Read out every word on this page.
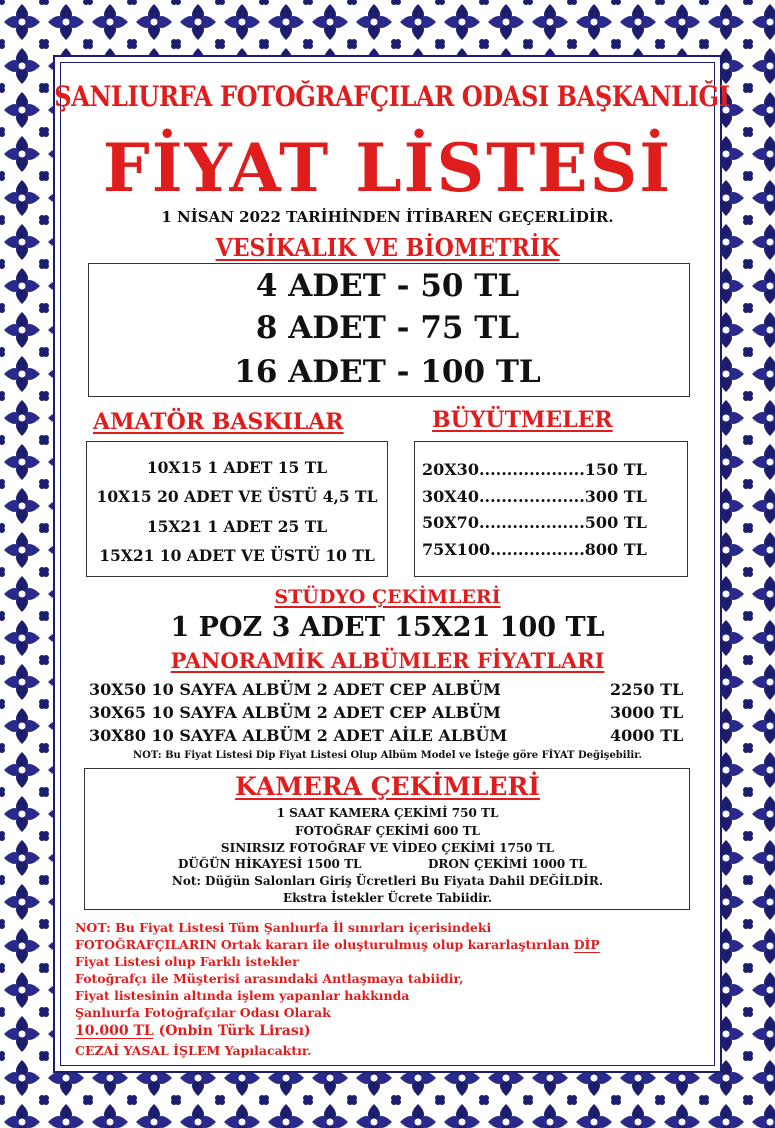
ŞANLIURFA FOTOĞRAFÇILAR ODASI BAŞKANLIĞI
FİYAT LİSTESİ
1 NİSAN 2022 TARİHİNDEN İTİBAREN GEÇERLİDİR.
VESİKALIK VE BİOMETRİK
4 ADET - 50 TL
8 ADET - 75 TL
16 ADET - 100 TL
AMATÖR BASKILAR
10X15 1 ADET 15 TL
10X15 20 ADET VE ÜSTÜ 4,5 TL
15X21 1 ADET 25 TL
15X21 10 ADET VE ÜSTÜ 10 TL
BÜYÜTMELER
20X30...................150 TL
30X40...................300 TL
50X70...................500 TL
75X100.................800 TL
STÜDYO ÇEKİMLERİ
1 POZ 3 ADET 15X21 100 TL
PANORAMİK ALBÜMLER FİYATLARI
30X50 10 SAYFA ALBÜM 2 ADET CEP ALBÜM	2250 TL
30X65 10 SAYFA ALBÜM 2 ADET CEP ALBÜM	3000 TL
30X80 10 SAYFA ALBÜM 2 ADET AİLE ALBÜM	4000 TL
NOT: Bu Fiyat Listesi Dip Fiyat Listesi Olup Albüm Model ve İsteğe göre FİYAT Değişebilir.
KAMERA ÇEKİMLERİ
1 SAAT KAMERA ÇEKİMİ 750 TL
FOTOĞRAF ÇEKİMİ 600 TL
SINIRSIZ FOTOĞRAF VE VİDEO ÇEKİMİ 1750 TL
DÜĞÜN HİKAYESİ 1500 TL	DRON ÇEKİMİ 1000 TL
Not: Düğün Salonları Giriş Ücretleri Bu Fiyata Dahil DEĞİLDİR.
Ekstra İstekler Ücrete Tabiidir.
NOT: Bu Fiyat Listesi Tüm Şanlıurfa İl sınırları içerisindeki
FOTOĞRAFÇILARIN Ortak kararı ile oluşturulmuş olup kararlaştırılan DİP
Fiyat Listesi olup Farklı istekler
Fotoğrafçı ile Müşterisi arasındaki Antlaşmaya tabiidir,
Fiyat listesinin altında işlem yapanlar hakkında
Şanlıurfa Fotoğrafçılar Odası Olarak
10.000 TL (Onbin Türk Lirası)
CEZAİ YASAL İŞLEM Yapılacaktır.
